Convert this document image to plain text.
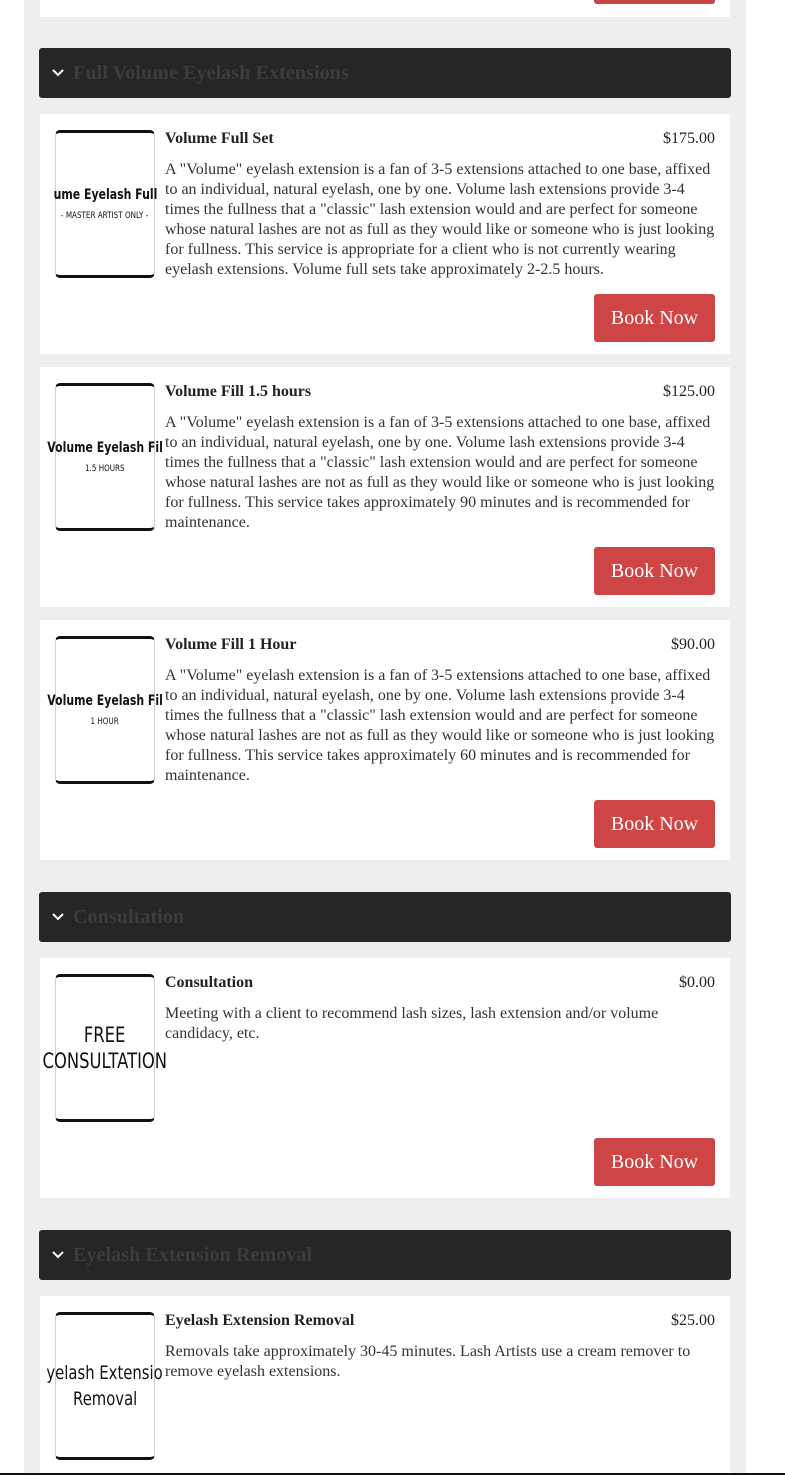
Full Volume Eyelash Extensions
ume Eyelash Full
- MASTER ARTIST ONLY -
Volume Full Set	$175.00
A "Volume" eyelash extension is a fan of 3-5 extensions attached to one base, affixed to an individual, natural eyelash, one by one. Volume lash extensions provide 3-4 times the fullness that a "classic" lash extension would and are perfect for someone whose natural lashes are not as full as they would like or someone who is just looking for fullness. This service is appropriate for a client who is not currently wearing eyelash extensions. Volume full sets take approximately 2-2.5 hours.
Book Now
Volume Eyelash Fil
1.5 HOURS
Volume Fill 1.5 hours	$125.00
A "Volume" eyelash extension is a fan of 3-5 extensions attached to one base, affixed to an individual, natural eyelash, one by one. Volume lash extensions provide 3-4 times the fullness that a "classic" lash extension would and are perfect for someone whose natural lashes are not as full as they would like or someone who is just looking for fullness. This service takes approximately 90 minutes and is recommended for maintenance.
Book Now
Volume Eyelash Fil
1 HOUR
Volume Fill 1 Hour	$90.00
A "Volume" eyelash extension is a fan of 3-5 extensions attached to one base, affixed to an individual, natural eyelash, one by one. Volume lash extensions provide 3-4 times the fullness that a "classic" lash extension would and are perfect for someone whose natural lashes are not as full as they would like or someone who is just looking for fullness. This service takes approximately 60 minutes and is recommended for maintenance.
Book Now
Consultation
FREE
CONSULTATION
Consultation	$0.00
Meeting with a client to recommend lash sizes, lash extension and/or volume candidacy, etc.
Book Now
Eyelash Extension Removal
yelash Extensio
Removal
Eyelash Extension Removal	$25.00
Removals take approximately 30-45 minutes. Lash Artists use a cream remover to remove eyelash extensions.
